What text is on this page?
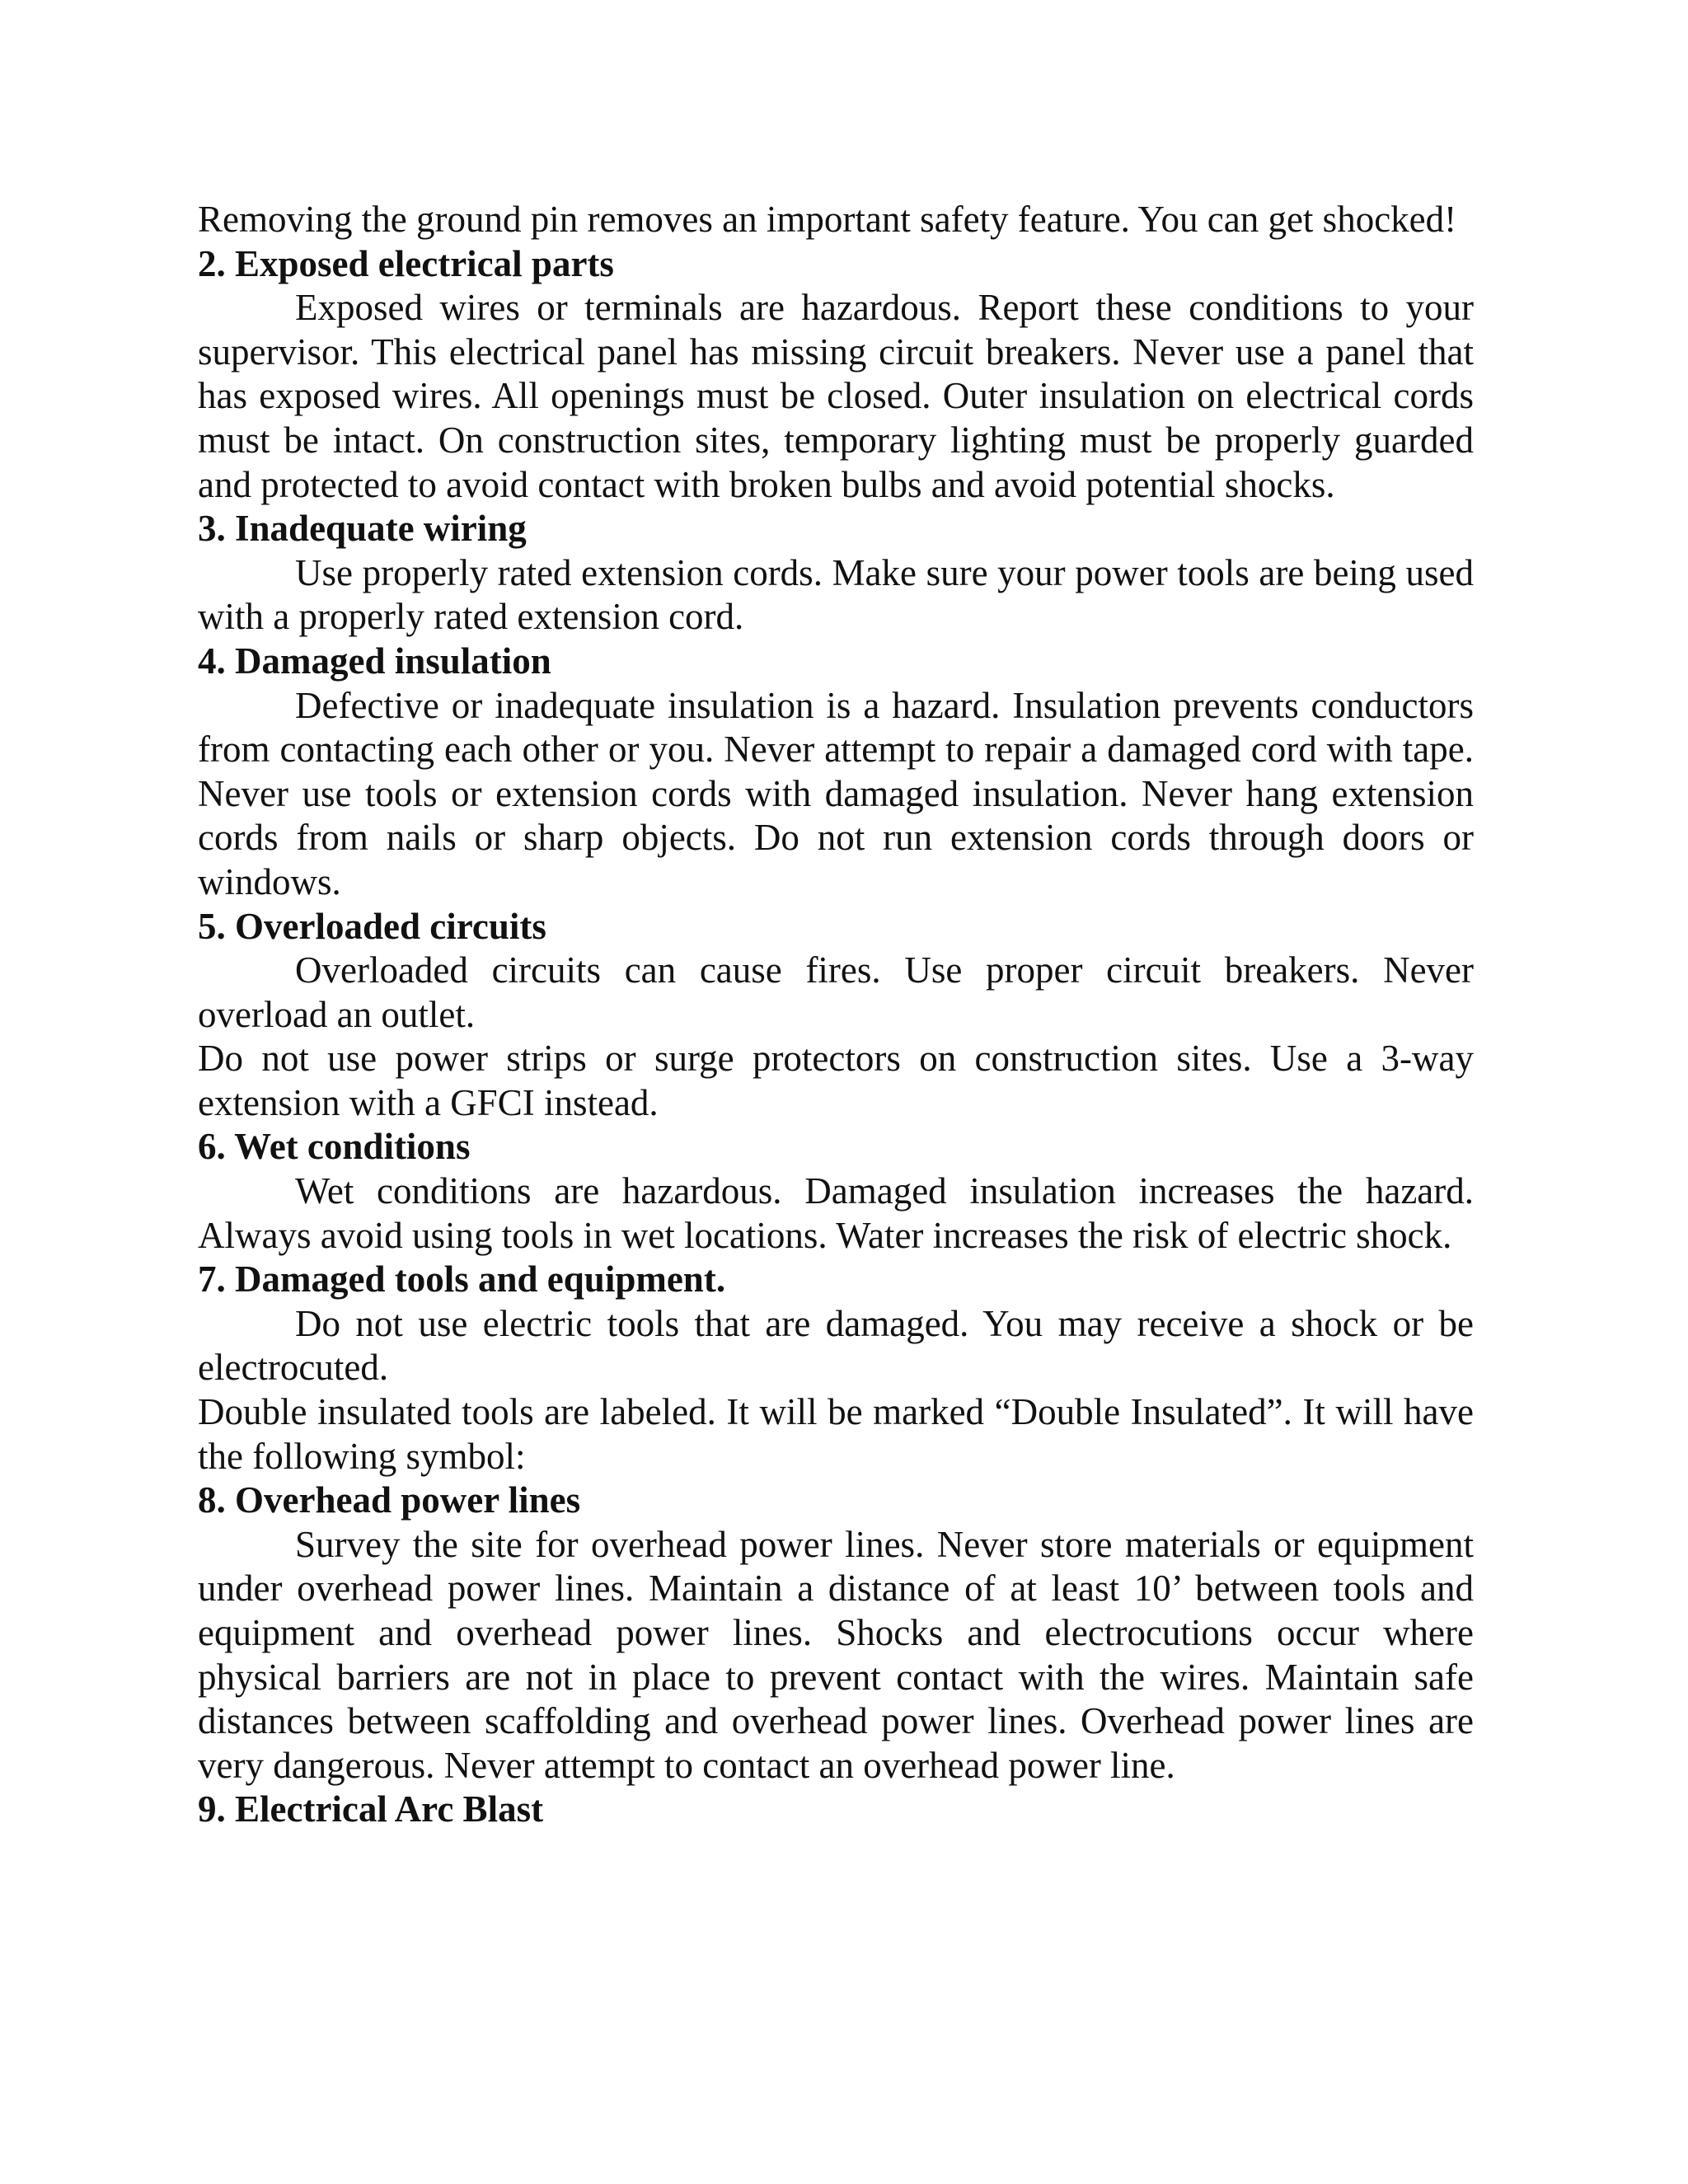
Removing the ground pin removes an important safety feature. You can get shocked!

2. Exposed electrical parts

Exposed wires or terminals are hazardous. Report these conditions to your supervisor. This electrical panel has missing circuit breakers. Never use a panel that has exposed wires. All openings must be closed. Outer insulation on electrical cords must be intact. On construction sites, temporary lighting must be properly guarded and protected to avoid contact with broken bulbs and avoid potential shocks.

3. Inadequate wiring

Use properly rated extension cords. Make sure your power tools are being used with a properly rated extension cord.

4. Damaged insulation

Defective or inadequate insulation is a hazard. Insulation prevents conductors from contacting each other or you. Never attempt to repair a damaged cord with tape. Never use tools or extension cords with damaged insulation. Never hang extension cords from nails or sharp objects. Do not run extension cords through doors or windows.

5. Overloaded circuits

Overloaded circuits can cause fires. Use proper circuit breakers. Never overload an outlet.

Do not use power strips or surge protectors on construction sites. Use a 3-way extension with a GFCI instead.

6. Wet conditions

Wet conditions are hazardous. Damaged insulation increases the hazard. Always avoid using tools in wet locations. Water increases the risk of electric shock.

7. Damaged tools and equipment.

Do not use electric tools that are damaged. You may receive a shock or be electrocuted.

Double insulated tools are labeled. It will be marked “Double Insulated”. It will have the following symbol:

8. Overhead power lines

Survey the site for overhead power lines. Never store materials or equipment under overhead power lines. Maintain a distance of at least 10’ between tools and equipment and overhead power lines. Shocks and electrocutions occur where physical barriers are not in place to prevent contact with the wires. Maintain safe distances between scaffolding and overhead power lines. Overhead power lines are very dangerous. Never attempt to contact an overhead power line.

9. Electrical Arc Blast
